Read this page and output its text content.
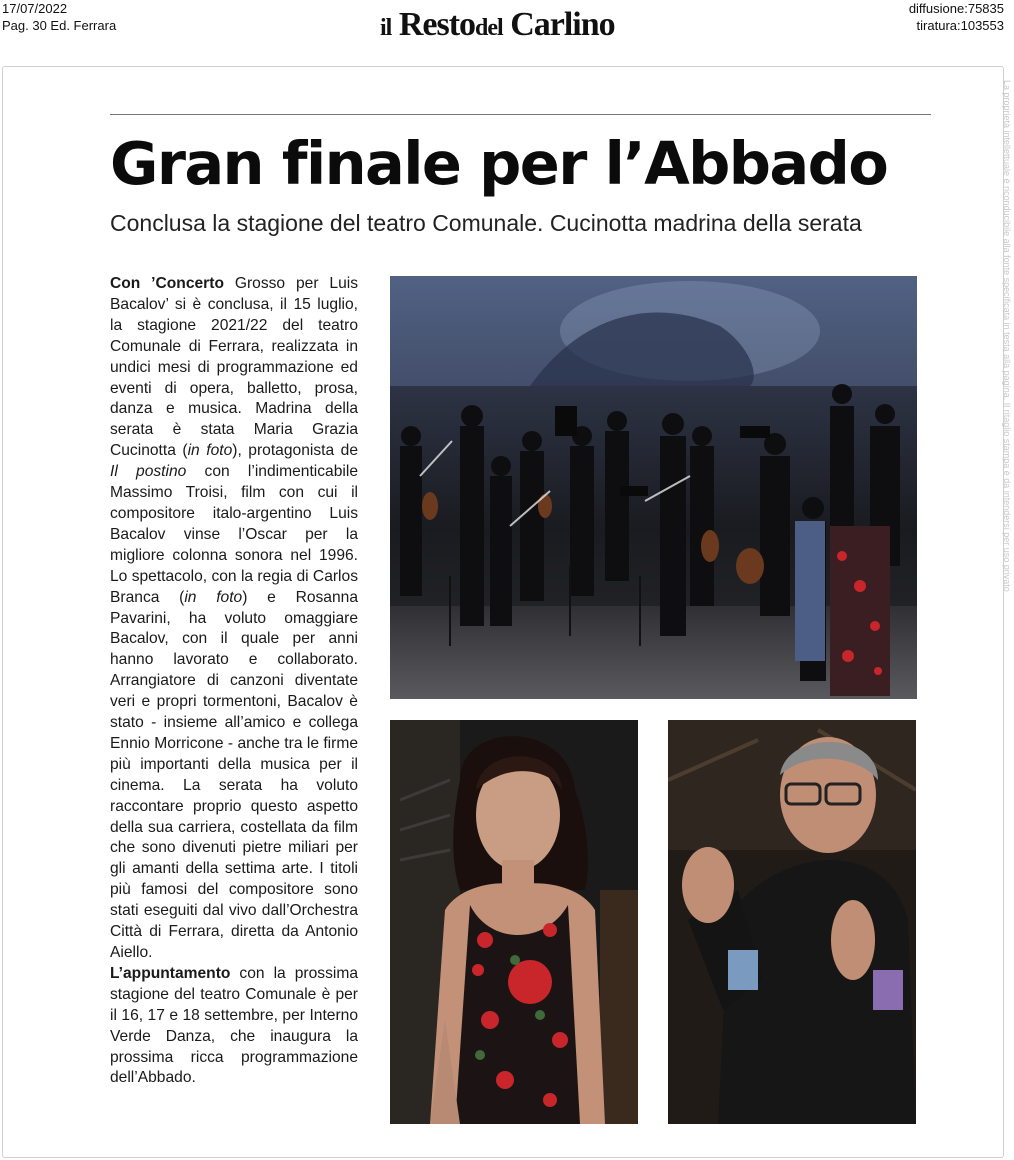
17/07/2022
Pag. 30 Ed. Ferrara	il Restodel Carlino	diffusione:75835
tiratura:103553
La proprietà intellettuale è riconducibile alla fonte specificata in testa alla pagina. Il ritaglio stampa è da intendersi per uso privato
Gran finale per l’Abbado
Conclusa la stagione del teatro Comunale. Cucinotta madrina della serata

Con ’Concerto Grosso per Luis Bacalov’ si è conclusa, il 15 luglio, la stagione 2021/22 del teatro Comunale di Ferrara, realizzata in undici mesi di programmazione ed eventi di opera, balletto, prosa, danza e musica. Madrina della serata è stata Maria Grazia Cucinotta (in foto), protagonista de Il postino con l’indimenticabile Massimo Troisi, film con cui il compositore italo-argentino Luis Bacalov vinse l’Oscar per la migliore colonna sonora nel 1996. Lo spettacolo, con la regia di Carlos Branca (in foto) e Rosanna Pavarini, ha voluto omaggiare Bacalov, con il quale per anni hanno lavorato e collaborato. Arrangiatore di canzoni diventate veri e propri tormentoni, Bacalov è stato - insieme all’amico e collega Ennio Morricone - anche tra le firme più importanti della musica per il cinema. La serata ha voluto raccontare proprio questo aspetto della sua carriera, costellata da film che sono divenuti pietre miliari per gli amanti della settima arte. I titoli più famosi del compositore sono stati eseguiti dal vivo dall’Orchestra Città di Ferrara, diretta da Antonio Aiello.

L’appuntamento con la prossima stagione del teatro Comunale è per il 16, 17 e 18 settembre, per Interno Verde Danza, che inaugura la prossima ricca programmazione dell’Abbado.
